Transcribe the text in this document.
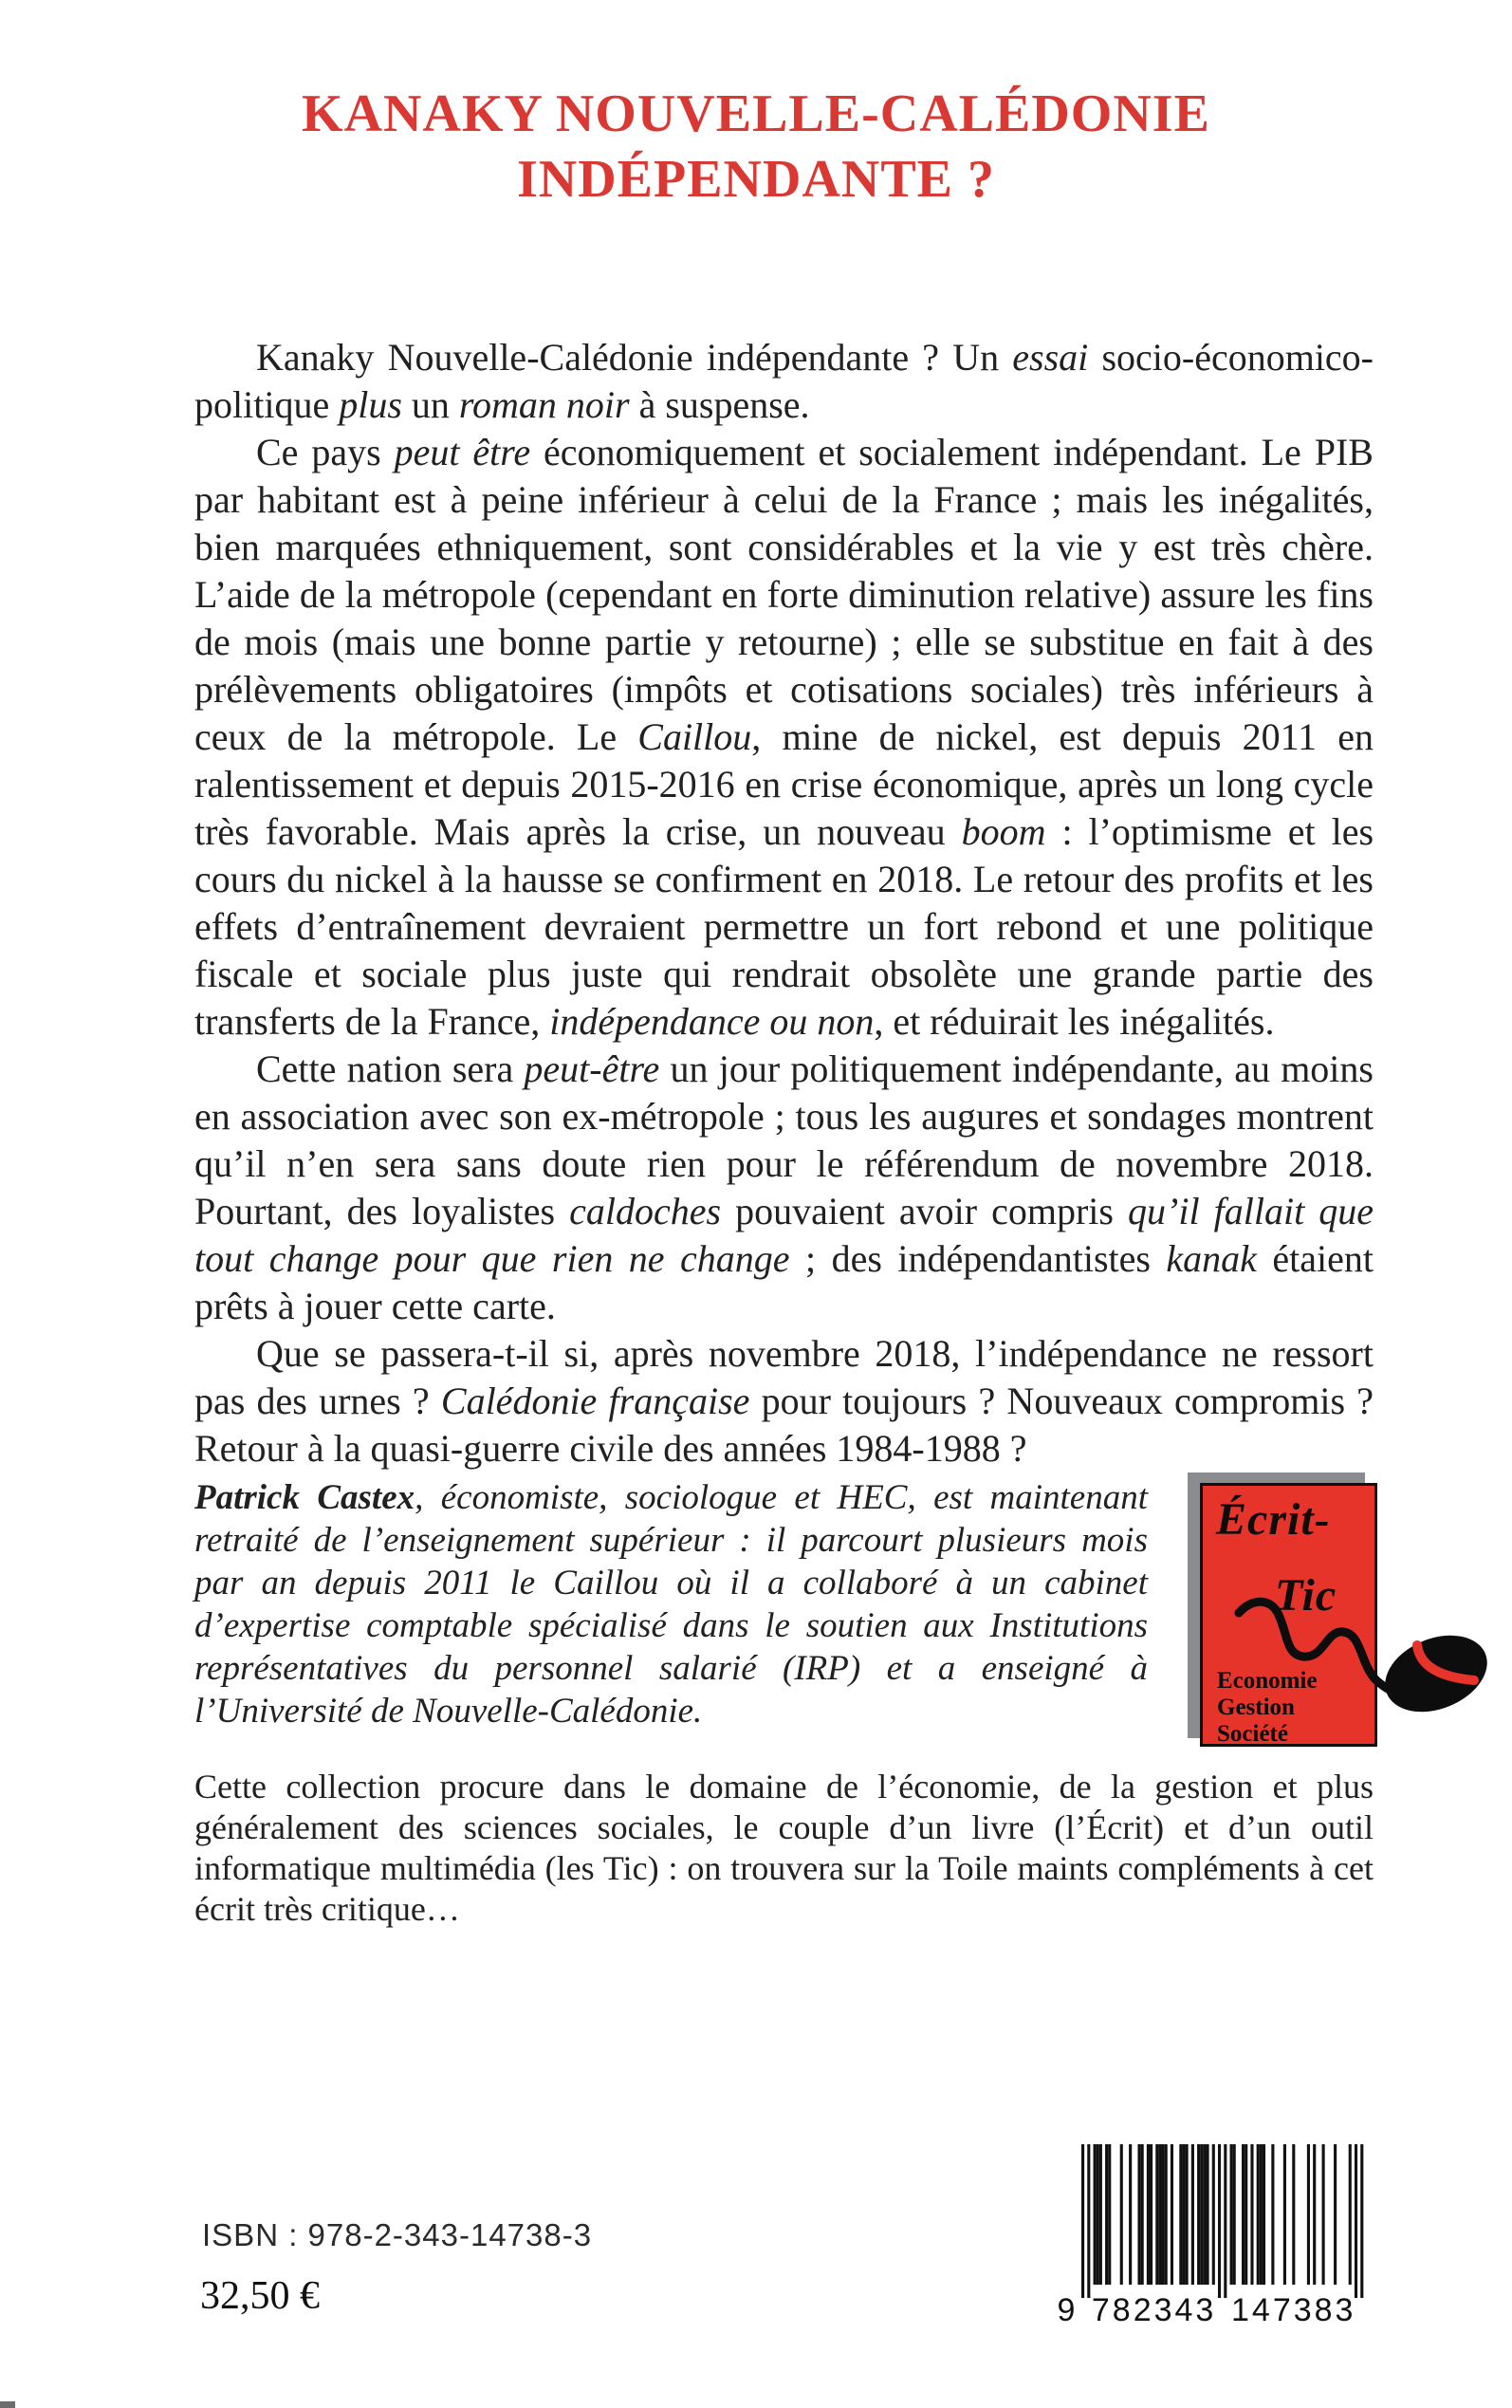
KANAKY NOUVELLE-CALÉDONIE
INDÉPENDANTE ?

Kanaky Nouvelle-Calédonie indépendante ? Un essai socio-économico-politique plus un roman noir à suspense.

Ce pays peut être économiquement et socialement indépendant. Le PIB par habitant est à peine inférieur à celui de la France ; mais les inégalités, bien marquées ethniquement, sont considérables et la vie y est très chère. L’aide de la métropole (cependant en forte diminution relative) assure les fins de mois (mais une bonne partie y retourne) ; elle se substitue en fait à des prélèvements obligatoires (impôts et cotisations sociales) très inférieurs à ceux de la métropole. Le Caillou, mine de nickel, est depuis 2011 en ralentissement et depuis 2015-2016 en crise économique, après un long cycle très favorable. Mais après la crise, un nouveau boom : l’optimisme et les cours du nickel à la hausse se confirment en 2018. Le retour des profits et les effets d’entraînement devraient permettre un fort rebond et une politique fiscale et sociale plus juste qui rendrait obsolète une grande partie des transferts de la France, indépendance ou non, et réduirait les inégalités.

Cette nation sera peut-être un jour politiquement indépendante, au moins en association avec son ex-métropole ; tous les augures et sondages montrent qu’il n’en sera sans doute rien pour le référendum de novembre 2018. Pourtant, des loyalistes caldoches pouvaient avoir compris qu’il fallait que tout change pour que rien ne change ; des indépendantistes kanak étaient prêts à jouer cette carte.

Que se passera-t-il si, après novembre 2018, l’indépendance ne ressort pas des urnes ? Calédonie française pour toujours ? Nouveaux compromis ? Retour à la quasi-guerre civile des années 1984-1988 ?

Patrick Castex, économiste, sociologue et HEC, est maintenant retraité de l’enseignement supérieur : il parcourt plusieurs mois par an depuis 2011 le Caillou où il a collaboré à un cabinet d’expertise comptable spécialisé dans le soutien aux Institutions représentatives du personnel salarié (IRP) et a enseigné à l’Université de Nouvelle-Calédonie.
Écrit-
Tic
Economie
Gestion
Société
Cette collection procure dans le domaine de l’économie, de la gestion et plus généralement des sciences sociales, le couple d’un livre (l’Écrit) et d’un outil informatique multimédia (les Tic) : on trouvera sur la Toile maints compléments à cet écrit très critique…
ISBN : 978-2-343-14738-3
32,50 €	9 7 8 2 3 4 3 1 4 7 3 8 3
